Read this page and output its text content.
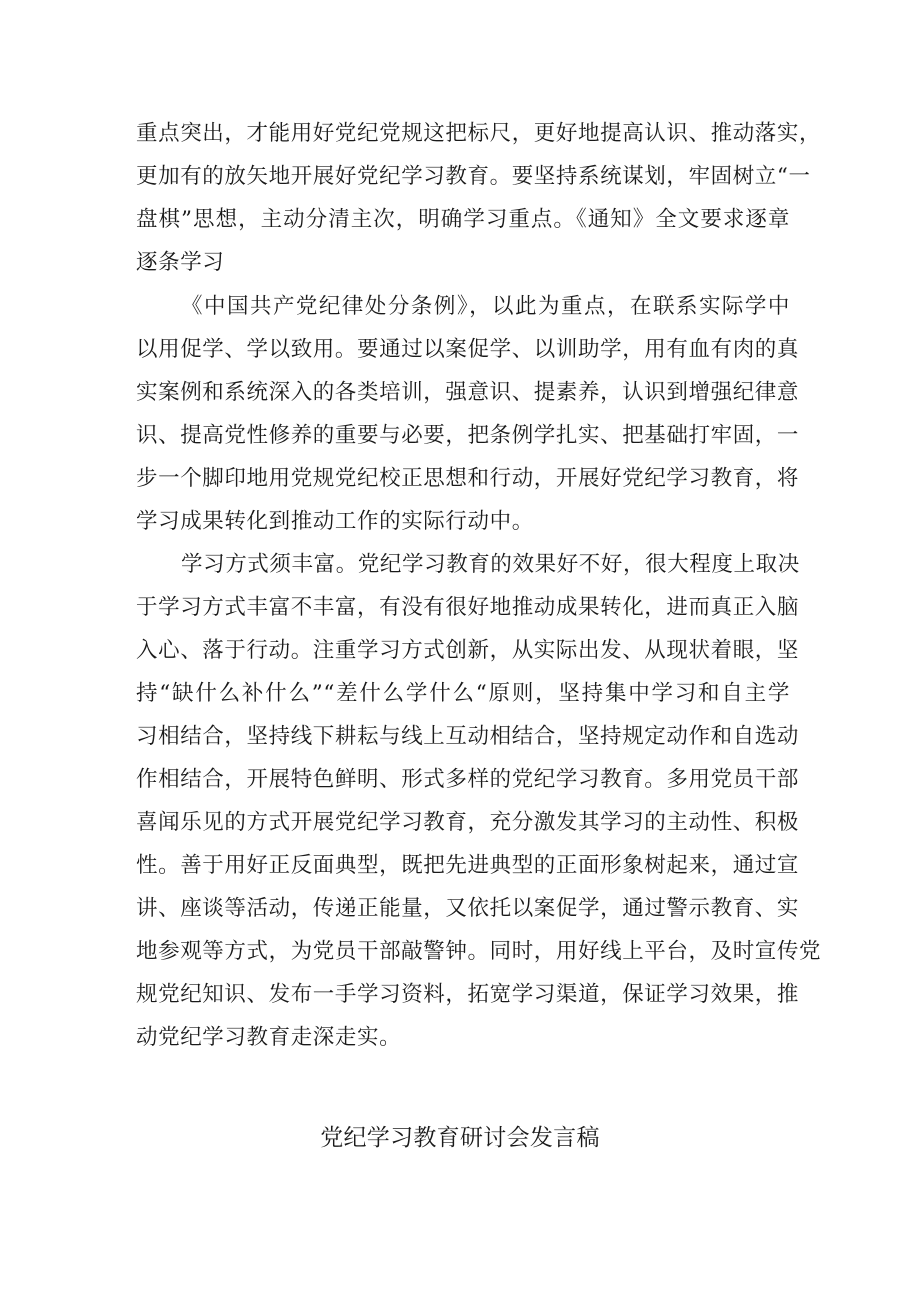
重点突出，才能用好党纪党规这把标尺，更好地提高认识、推动落实，
更加有的放矢地开展好党纪学习教育。要坚持系统谋划，牢固树立“一
盘棋”思想，主动分清主次，明确学习重点。《通知》全文要求逐章
逐条学习
《中国共产党纪律处分条例》，以此为重点，在联系实际学中
以用促学、学以致用。要通过以案促学、以训助学，用有血有肉的真
实案例和系统深入的各类培训，强意识、提素养，认识到增强纪律意
识、提高党性修养的重要与必要，把条例学扎实、把基础打牢固，一
步一个脚印地用党规党纪校正思想和行动，开展好党纪学习教育，将
学习成果转化到推动工作的实际行动中。
学习方式须丰富。党纪学习教育的效果好不好，很大程度上取决
于学习方式丰富不丰富，有没有很好地推动成果转化，进而真正入脑
入心、落于行动。注重学习方式创新，从实际出发、从现状着眼，坚
持“缺什么补什么”“差什么学什么“原则，坚持集中学习和自主学
习相结合，坚持线下耕耘与线上互动相结合，坚持规定动作和自选动
作相结合，开展特色鲜明、形式多样的党纪学习教育。多用党员干部
喜闻乐见的方式开展党纪学习教育，充分激发其学习的主动性、积极
性。善于用好正反面典型，既把先进典型的正面形象树起来，通过宣
讲、座谈等活动，传递正能量，又依托以案促学，通过警示教育、实
地参观等方式，为党员干部敲警钟。同时，用好线上平台，及时宣传党
规党纪知识、发布一手学习资料，拓宽学习渠道，保证学习效果，推
动党纪学习教育走深走实。
党纪学习教育研讨会发言稿
